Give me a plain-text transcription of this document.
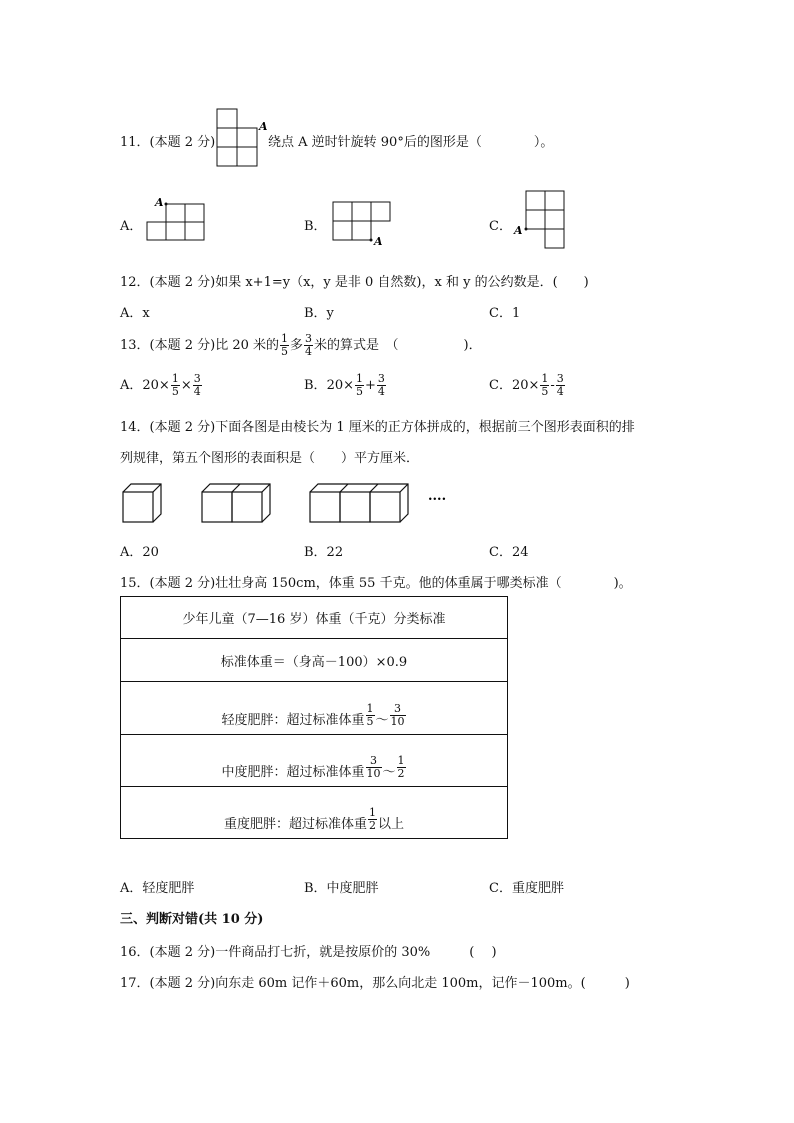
11．(本题 2 分)
A
绕点 A 逆时针旋转 90°后的图形是（　　　　）。
A．
A
B．
A
C． A
12．(本题 2 分)如果 x+1=y（x，y 是非 0 自然数)，x 和 y 的公约数是．(　　)
A．x	B．y	C．1
13．(本题 2 分)比 20 米的 $\frac{1}{5}$ 多 $\frac{3}{4}$ 米的算式是　（　　　　　)．
A．$20\times \frac{1}{5} \times \frac{3}{4}$	B．$20\times \frac{1}{5} + \frac{3}{4}$	C．$20\times \frac{1}{5} - \frac{3}{4}$
14．(本题 2 分)下面各图是由棱长为 1 厘米的正方体拼成的，根据前三个图形表面积的排
列规律，第五个图形的表面积是（　　）平方厘米．
....
A．20	B．22	C．24
15．(本题 2 分)壮壮身高 150cm，体重 55 千克。他的体重属于哪类标准（　　　　)。
少年儿童（7—16 岁）体重（千克）分类标准
标准体重＝（身高－100）×0.9
轻度肥胖：超过标准体重 $\frac{1}{5}$ ～ $\frac{3}{10}$

中度肥胖：超过标准体重 $\frac{3}{10}$ ～ $\frac{1}{2}$

重度肥胖：超过标准体重 $\frac{1}{2}$ 以上
A．轻度肥胖	B．中度肥胖	C．重度肥胖
三、判断对错(共 10 分)
16．(本题 2 分)一件商品打七折，就是按原价的 30%　　　(　 )
17．(本题 2 分)向东走 60m 记作＋60m，那么向北走 100m，记作－100m。(　　　)
